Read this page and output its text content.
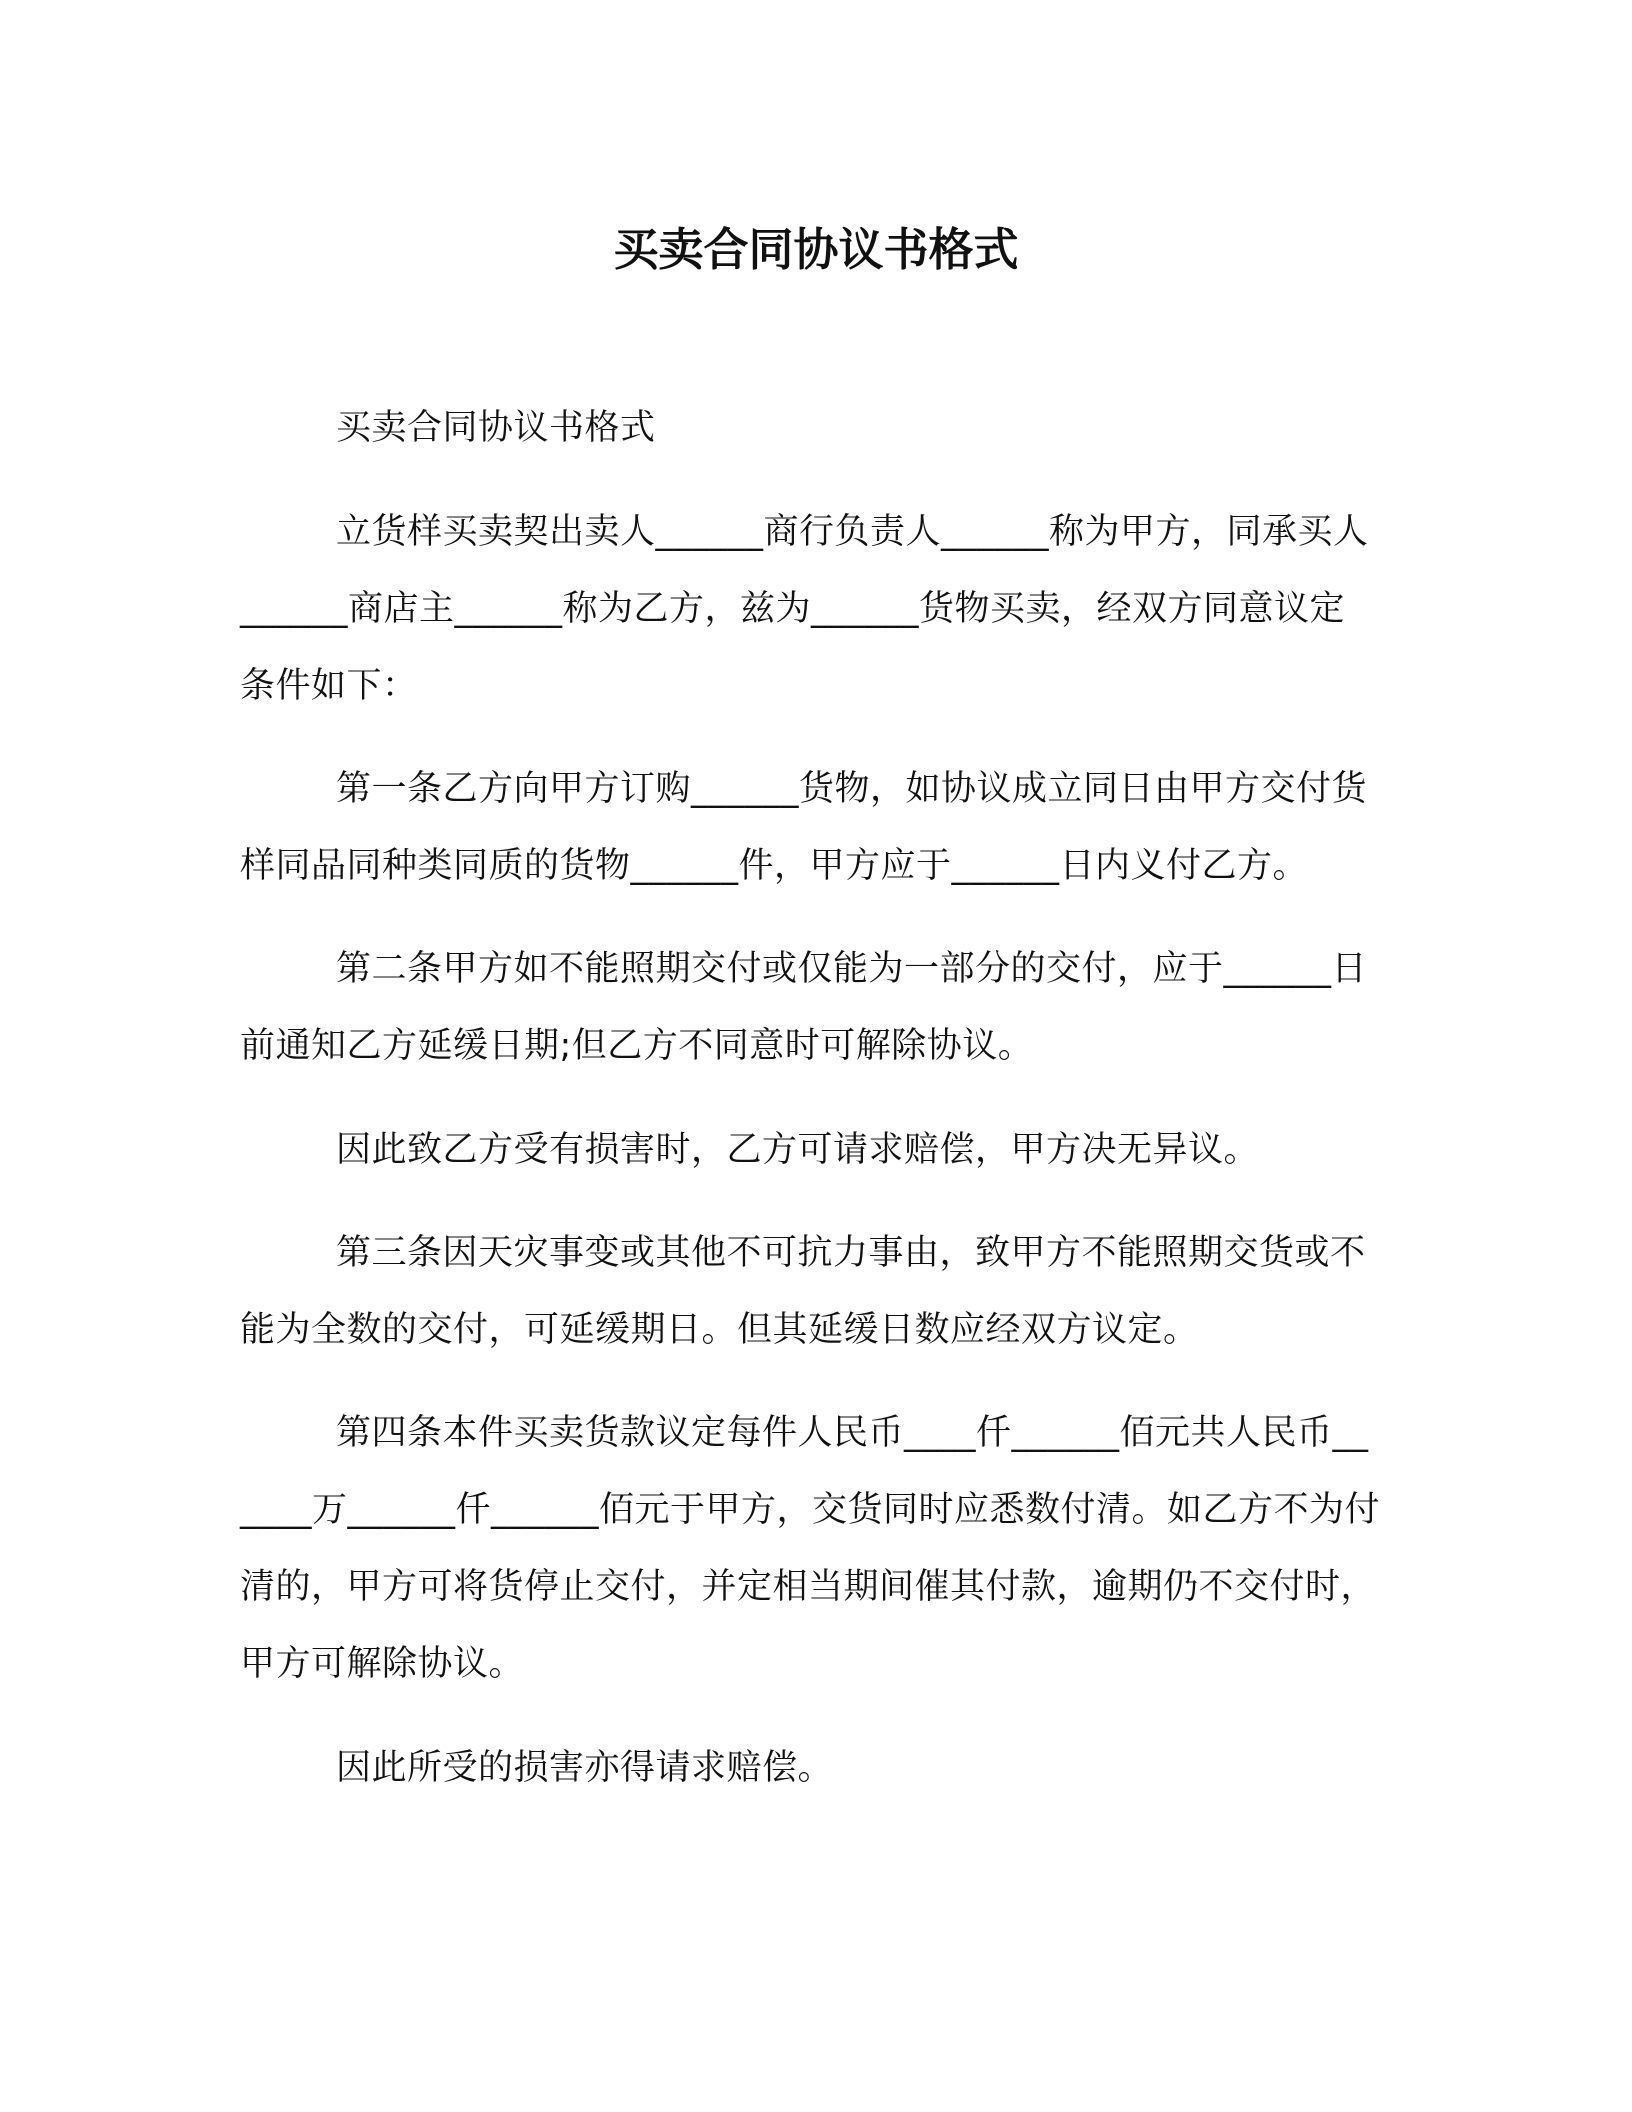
买卖合同协议书格式

买卖合同协议书格式

立货样买卖契出卖人______商行负责人______称为甲方，同承买人______商店主______称为乙方，兹为______货物买卖，经双方同意议定条件如下：

第一条乙方向甲方订购______货物，如协议成立同日由甲方交付货样同品同种类同质的货物______件，甲方应于______日内义付乙方。

第二条甲方如不能照期交付或仅能为一部分的交付，应于______日前通知乙方延缓日期;但乙方不同意时可解除协议。

因此致乙方受有损害时，乙方可请求赔偿，甲方决无异议。

第三条因天灾事变或其他不可抗力事由，致甲方不能照期交货或不能为全数的交付，可延缓期日。但其延缓日数应经双方议定。

第四条本件买卖货款议定每件人民币____仟______佰元共人民币______万______仟______佰元于甲方，交货同时应悉数付清。如乙方不为付清的，甲方可将货停止交付，并定相当期间催其付款，逾期仍不交付时，甲方可解除协议。

因此所受的损害亦得请求赔偿。
